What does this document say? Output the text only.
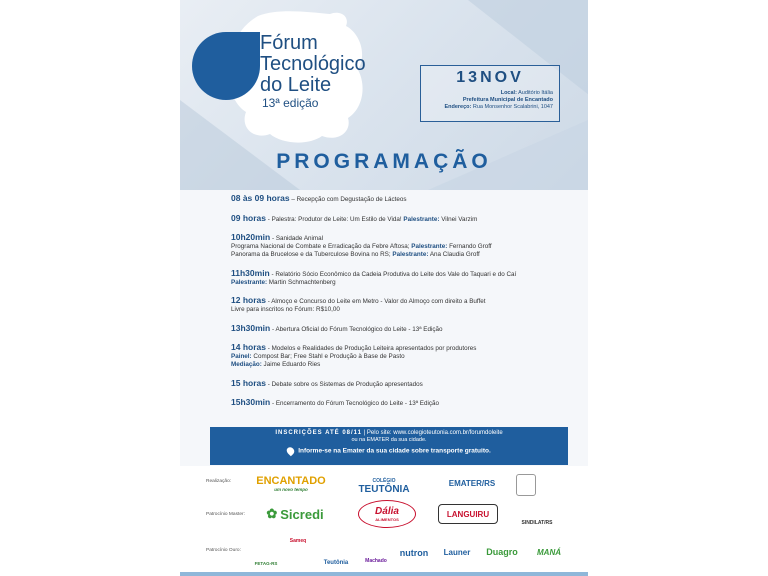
Fórum
Tecnológico
do Leite
13ª edição
13NOV
Local: Auditório Itália
Prefeitura Municipal de Encantado
Endereço: Rua Monsenhor Scalabrini, 1047
PROGRAMAÇÃO
08 às 09 horas – Recepção com Degustação de Lácteos
09 horas - Palestra: Produtor de Leite: Um Estilo de Vida! Palestrante: Vilnei Varzim
10h20min - Sanidade Animal
Programa Nacional de Combate e Erradicação da Febre Aftosa; Palestrante: Fernando Groff
Panorama da Brucelose e da Tuberculose Bovina no RS; Palestrante: Ana Claudia Groff
11h30min - Relatório Sócio Econômico da Cadeia Produtiva do Leite dos Vale do Taquari e do Caí
Palestrante: Martin Schmachtenberg
12 horas - Almoço e Concurso do Leite em Metro - Valor do Almoço com direito a Buffet
Livre para inscritos no Fórum: R$10,00
13h30min - Abertura Oficial do Fórum Tecnológico do Leite - 13ª Edição
14 horas - Modelos e Realidades de Produção Leiteira apresentados por produtores
Painel: Compost Bar; Free Stahl e Produção à Base de Pasto
Mediação: Jaime Eduardo Ries
15 horas - Debate sobre os Sistemas de Produção apresentados
15h30min - Encerramento do Fórum Tecnológico do Leite - 13ª Edição
INSCRIÇÕES ATÉ 08/11 | Pelo site: www.colegioteutonia.com.br/forumdoleite
ou na EMATER da sua cidade.
Informe-se na Emater da sua cidade sobre transporte gratuito.
Realização:
Patrocínio Master:
Patrocínio Ouro:
ENCANTADO
um novo tempo
COLÉGIO
TEUTÔNIA
EMATER/RS
✿ Sicredi	Dália
ALIMENTOS
LANGUIRU
SINDILAT/RS
FETAG-RS
Sameq
Teutônia	Machado
nutron	Launer	Duagro	MANÁ
